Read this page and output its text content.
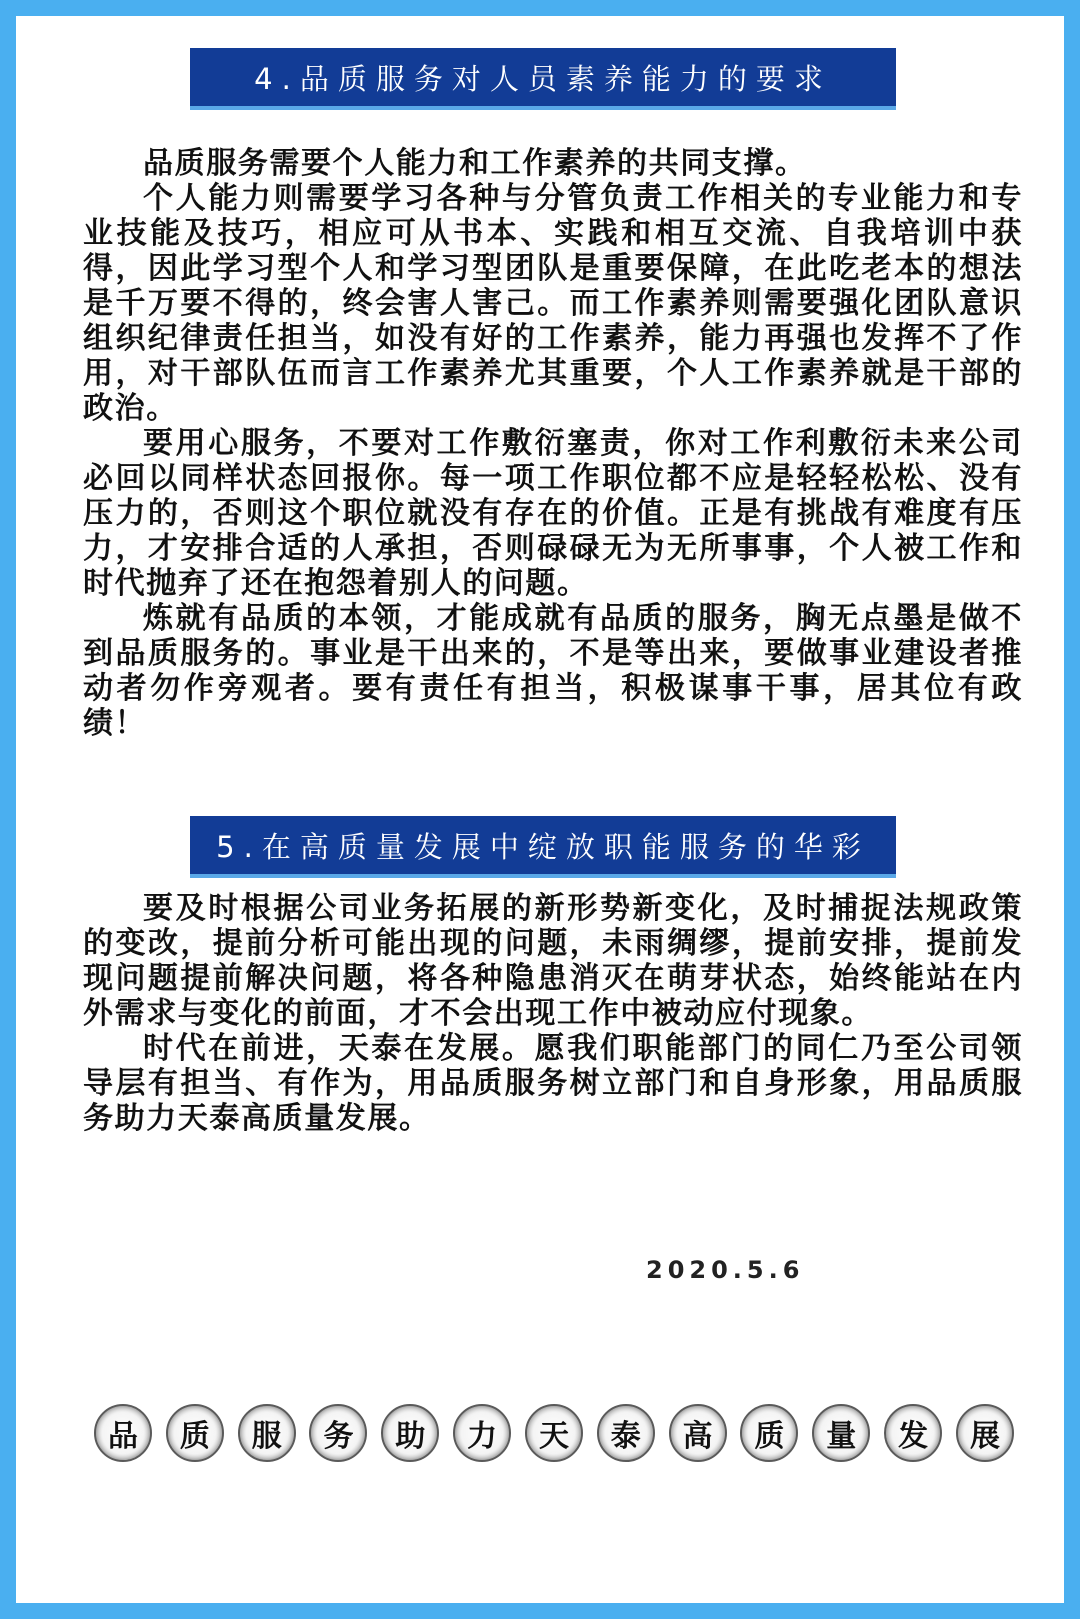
4.品质服务对人员素养能力的要求

品质服务需要个人能力和工作素养的共同支撑。

个人能力则需要学习各种与分管负责工作相关的专业能力和专业技能及技巧，相应可从书本、实践和相互交流、自我培训中获得，因此学习型个人和学习型团队是重要保障，在此吃老本的想法是千万要不得的，终会害人害己。而工作素养则需要强化团队意识组织纪律责任担当，如没有好的工作素养，能力再强也发挥不了作用，对干部队伍而言工作素养尤其重要，个人工作素养就是干部的政治。

要用心服务，不要对工作敷衍塞责，你对工作利敷衍未来公司必回以同样状态回报你。每一项工作职位都不应是轻轻松松、没有压力的，否则这个职位就没有存在的价值。正是有挑战有难度有压力，才安排合适的人承担，否则碌碌无为无所事事，个人被工作和时代抛弃了还在抱怨着别人的问题。

炼就有品质的本领，才能成就有品质的服务，胸无点墨是做不到品质服务的。事业是干出来的，不是等出来，要做事业建设者推动者勿作旁观者。要有责任有担当，积极谋事干事，居其位有政绩！

5.在高质量发展中绽放职能服务的华彩

要及时根据公司业务拓展的新形势新变化，及时捕捉法规政策的变改，提前分析可能出现的问题，未雨绸缪，提前安排，提前发现问题提前解决问题，将各种隐患消灭在萌芽状态，始终能站在内外需求与变化的前面，才不会出现工作中被动应付现象。

时代在前进，天泰在发展。愿我们职能部门的同仁乃至公司领导层有担当、有作为，用品质服务树立部门和自身形象，用品质服务助力天泰高质量发展。

2020.5.6
品	质	服	务	助	力	天	泰	高	质	量	发	展
